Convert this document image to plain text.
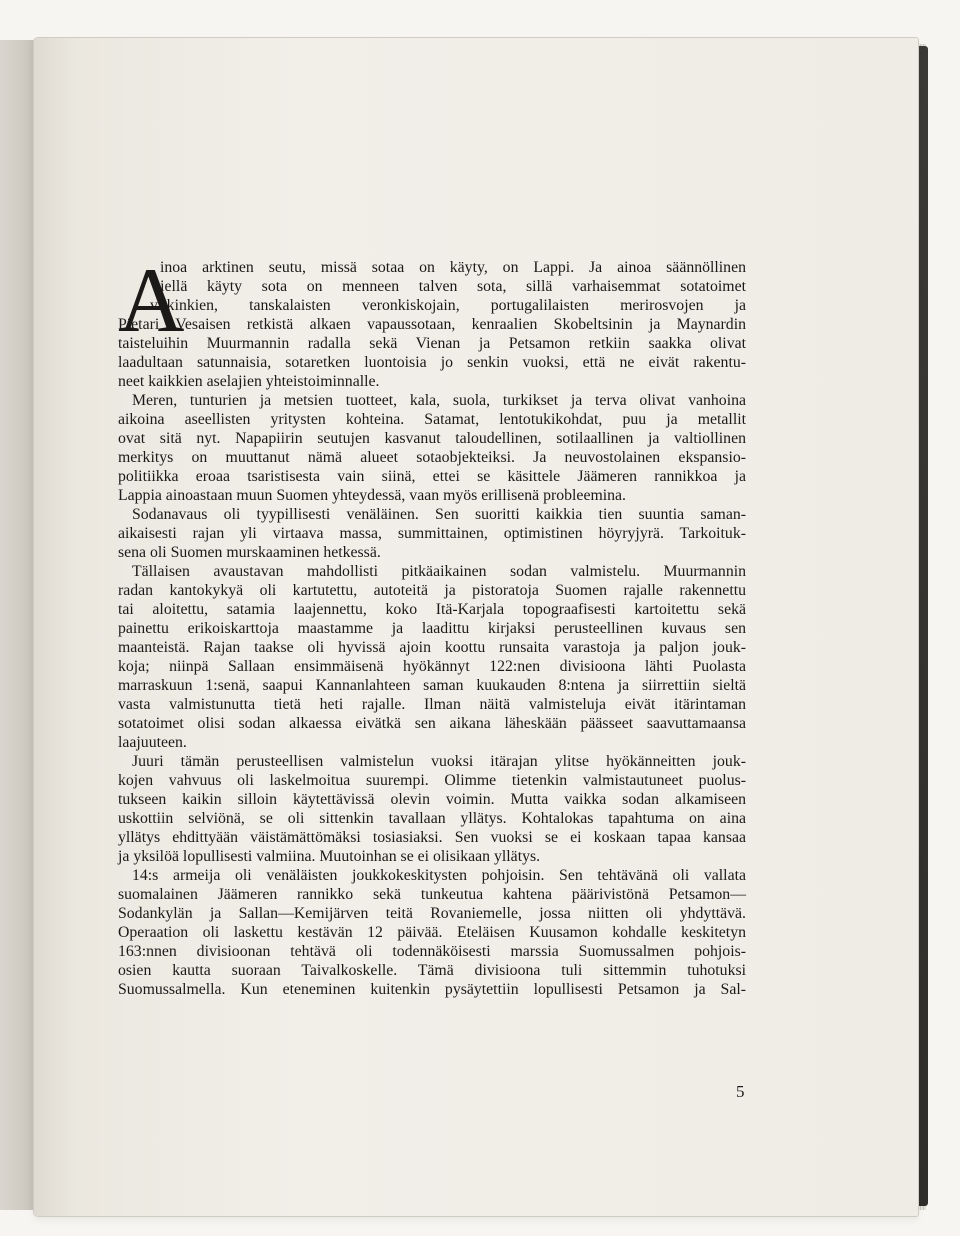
A
inoa arktinen seutu, missä sotaa on käyty, on Lappi. Ja ainoa säännöllinen
siellä käyty sota on menneen talven sota, sillä varhaisemmat sotatoimet
viikinkien, tanskalaisten veronkiskojain, portugalilaisten merirosvojen ja
Pietari Vesaisen retkistä alkaen vapaussotaan, kenraalien Skobeltsinin ja Maynardin
taisteluihin Muurmannin radalla sekä Vienan ja Petsamon retkiin saakka olivat
laadultaan satunnaisia, sotaretken luontoisia jo senkin vuoksi, että ne eivät rakentu-
neet kaikkien aselajien yhteistoiminnalle.
Meren, tunturien ja metsien tuotteet, kala, suola, turkikset ja terva olivat vanhoina
aikoina aseellisten yritysten kohteina. Satamat, lentotukikohdat, puu ja metallit
ovat sitä nyt. Napapiirin seutujen kasvanut taloudellinen, sotilaallinen ja valtiollinen
merkitys on muuttanut nämä alueet sotaobjekteiksi. Ja neuvostolainen ekspansio-
politiikka eroaa tsaristisesta vain siinä, ettei se käsittele Jäämeren rannikkoa ja
Lappia ainoastaan muun Suomen yhteydessä, vaan myös erillisenä probleemina.
Sodanavaus oli tyypillisesti venäläinen. Sen suoritti kaikkia tien suuntia saman-
aikaisesti rajan yli virtaava massa, summittainen, optimistinen höyryjyrä. Tarkoituk-
sena oli Suomen murskaaminen hetkessä.
Tällaisen avaustavan mahdollisti pitkäaikainen sodan valmistelu. Muurmannin
radan kantokykyä oli kartutettu, autoteitä ja pistoratoja Suomen rajalle rakennettu
tai aloitettu, satamia laajennettu, koko Itä-Karjala topograafisesti kartoitettu sekä
painettu erikoiskarttoja maastamme ja laadittu kirjaksi perusteellinen kuvaus sen
maanteistä. Rajan taakse oli hyvissä ajoin koottu runsaita varastoja ja paljon jouk-
koja; niinpä Sallaan ensimmäisenä hyökännyt 122:nen divisioona lähti Puolasta
marraskuun 1:senä, saapui Kannanlahteen saman kuukauden 8:ntena ja siirrettiin sieltä
vasta valmistunutta tietä heti rajalle. Ilman näitä valmisteluja eivät itärintaman
sotatoimet olisi sodan alkaessa eivätkä sen aikana läheskään päässeet saavuttamaansa
laajuuteen.
Juuri tämän perusteellisen valmistelun vuoksi itärajan ylitse hyökänneitten jouk-
kojen vahvuus oli laskelmoitua suurempi. Olimme tietenkin valmistautuneet puolus-
tukseen kaikin silloin käytettävissä olevin voimin. Mutta vaikka sodan alkamiseen
uskottiin selviönä, se oli sittenkin tavallaan yllätys. Kohtalokas tapahtuma on aina
yllätys ehdittyään väistämättömäksi tosiasiaksi. Sen vuoksi se ei koskaan tapaa kansaa
ja yksilöä lopullisesti valmiina. Muutoinhan se ei olisikaan yllätys.
14:s armeija oli venäläisten joukkokeskitysten pohjoisin. Sen tehtävänä oli vallata
suomalainen Jäämeren rannikko sekä tunkeutua kahtena päärivistönä Petsamon—
Sodankylän ja Sallan—Kemijärven teitä Rovaniemelle, jossa niitten oli yhdyttävä.
Operaation oli laskettu kestävän 12 päivää. Eteläisen Kuusamon kohdalle keskitetyn
163:nnen divisioonan tehtävä oli todennäköisesti marssia Suomussalmen pohjois-
osien kautta suoraan Taivalkoskelle. Tämä divisioona tuli sittemmin tuhotuksi
Suomussalmella. Kun eteneminen kuitenkin pysäytettiin lopullisesti Petsamon ja Sal-
5
